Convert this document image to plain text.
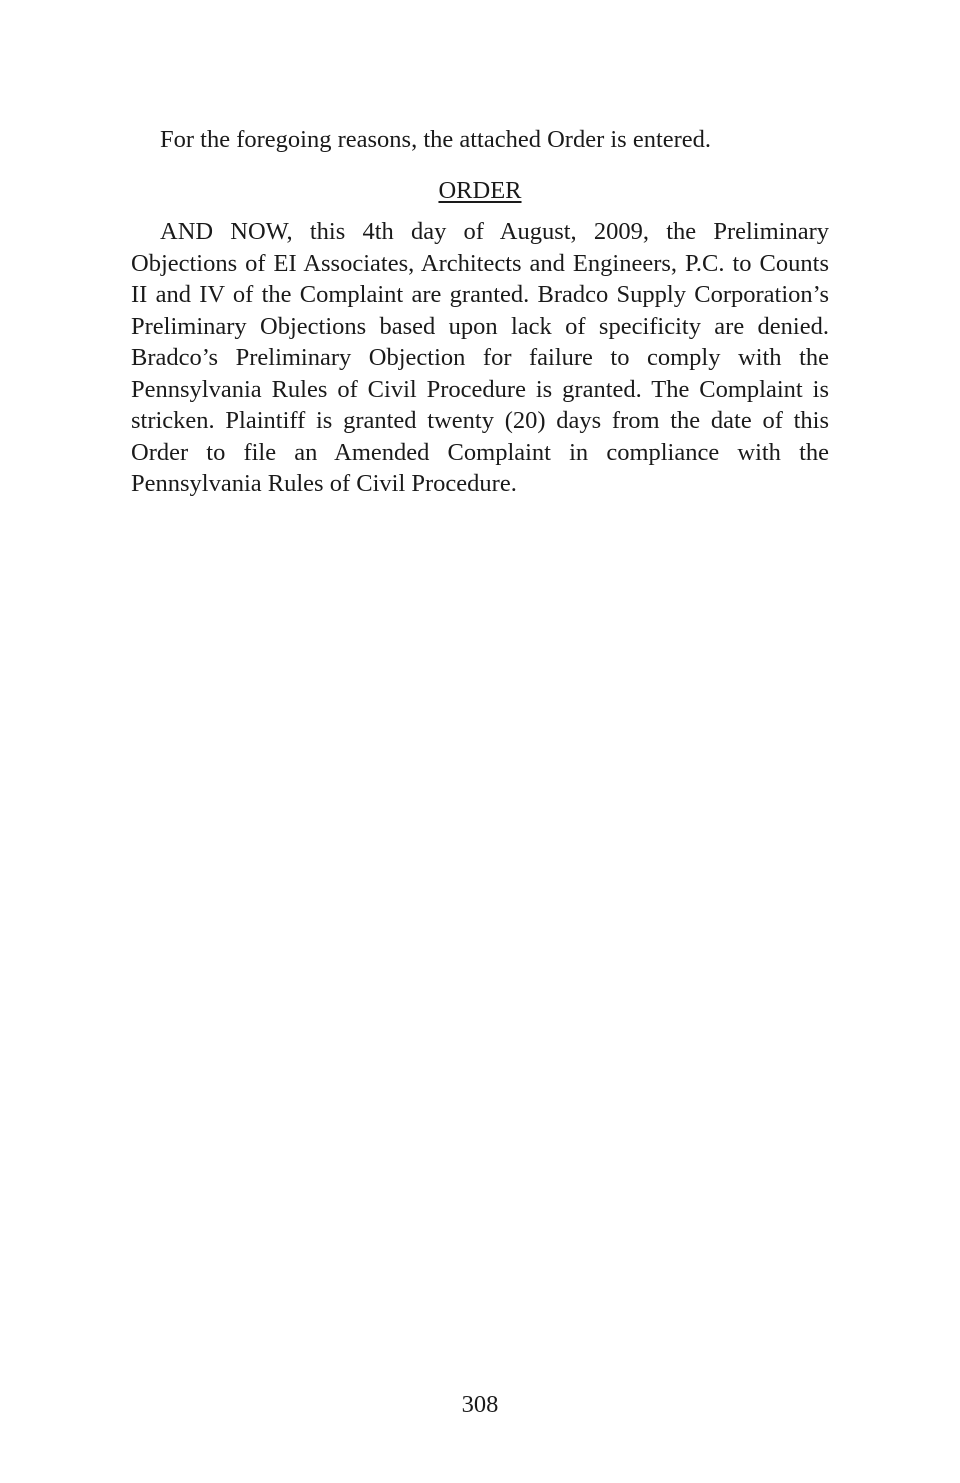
For the foregoing reasons, the attached Order is entered.

ORDER

AND NOW, this 4th day of August, 2009, the Preliminary Objections of EI Associates, Architects and Engineers, P.C. to Counts II and IV of the Complaint are granted. Bradco Supply Corporation’s Preliminary Objections based upon lack of specificity are denied. Bradco’s Preliminary Objection for failure to comply with the Pennsylvania Rules of Civil Procedure is granted. The Complaint is stricken. Plaintiff is granted twenty (20) days from the date of this Order to file an Amended Complaint in compliance with the Pennsylvania Rules of Civil Procedure.

308
